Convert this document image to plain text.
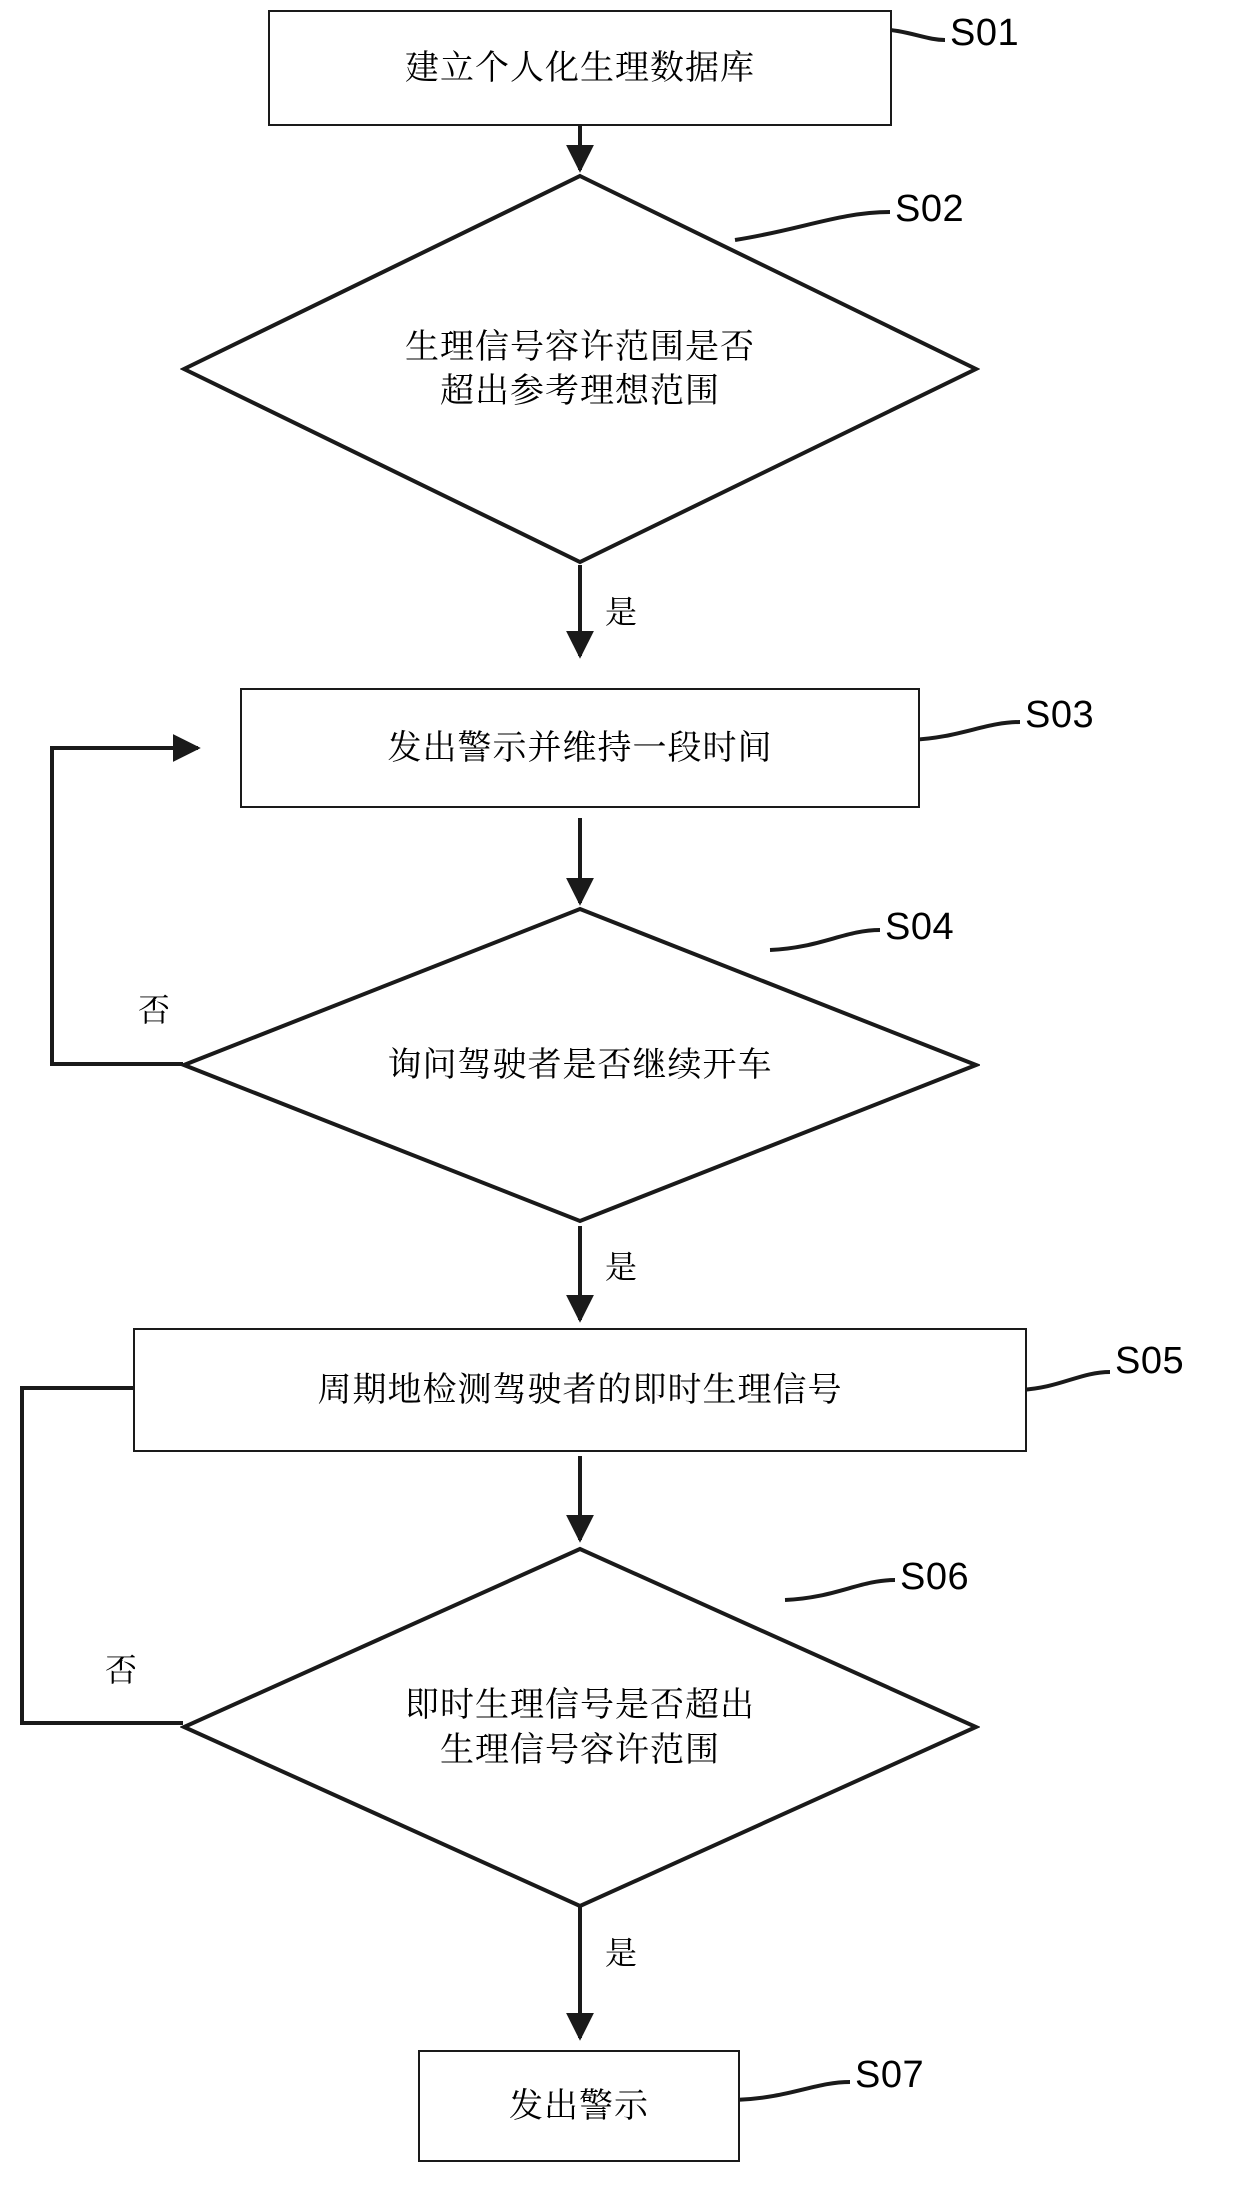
建立个人化生理数据库
S01
生理信号容许范围是否
超出参考理想范围
S02
是
发出警示并维持一段时间
S03
询问驾驶者是否继续开车
S04
否
是
周期地检测驾驶者的即时生理信号
S05
即时生理信号是否超出
生理信号容许范围
S06
否
是
发出警示
S07
